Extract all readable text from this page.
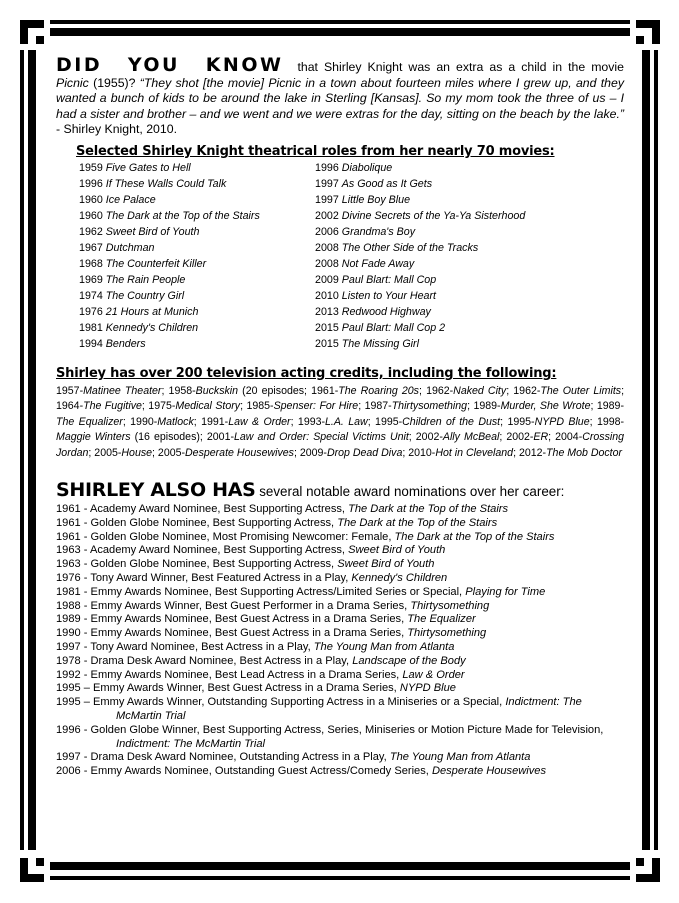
DID YOU KNOW that Shirley Knight was an extra as a child in the movie Picnic (1955)? “They shot [the movie] Picnic in a town about fourteen miles where I grew up, and they wanted a bunch of kids to be around the lake in Sterling [Kansas]. So my mom took the three of us – I had a sister and brother – and we went and we were extras for the day, sitting on the beach by the lake.” - Shirley Knight, 2010.

Selected Shirley Knight theatrical roles from her nearly 70 movies:
1959 Five Gates to Hell
1996 If These Walls Could Talk
1960 Ice Palace
1960 The Dark at the Top of the Stairs
1962 Sweet Bird of Youth
1967 Dutchman
1968 The Counterfeit Killer
1969 The Rain People
1974 The Country Girl
1976 21 Hours at Munich
1981 Kennedy's Children
1994 Benders
1996 Diabolique
1997 As Good as It Gets
1997 Little Boy Blue
2002 Divine Secrets of the Ya-Ya Sisterhood
2006 Grandma's Boy
2008 The Other Side of the Tracks
2008 Not Fade Away
2009 Paul Blart: Mall Cop
2010 Listen to Your Heart
2013 Redwood Highway
2015 Paul Blart: Mall Cop 2
2015 The Missing Girl
Shirley has over 200 television acting credits, including the following:
1957-Matinee Theater; 1958-Buckskin (20 episodes; 1961-The Roaring 20s; 1962-Naked City; 1962-The Outer Limits; 1964-The Fugitive; 1975-Medical Story; 1985-Spenser: For Hire; 1987-Thirtysomething; 1989-Murder, She Wrote; 1989-The Equalizer; 1990-Matlock; 1991-Law & Order; 1993-L.A. Law; 1995-Children of the Dust; 1995-NYPD Blue; 1998-Maggie Winters (16 episodes); 2001-Law and Order: Special Victims Unit; 2002-Ally McBeal; 2002-ER; 2004-Crossing Jordan; 2005-House; 2005-Desperate Housewives; 2009-Drop Dead Diva; 2010-Hot in Cleveland; 2012-The Mob Doctor
SHIRLEY ALSO HAS several notable award nominations over her career:
1961 - Academy Award Nominee, Best Supporting Actress, The Dark at the Top of the Stairs
1961 - Golden Globe Nominee, Best Supporting Actress, The Dark at the Top of the Stairs
1961 - Golden Globe Nominee, Most Promising Newcomer: Female, The Dark at the Top of the Stairs
1963 - Academy Award Nominee, Best Supporting Actress, Sweet Bird of Youth
1963 - Golden Globe Nominee, Best Supporting Actress, Sweet Bird of Youth
1976 - Tony Award Winner, Best Featured Actress in a Play, Kennedy's Children
1981 - Emmy Awards Nominee, Best Supporting Actress/Limited Series or Special, Playing for Time
1988 - Emmy Awards Winner, Best Guest Performer in a Drama Series, Thirtysomething
1989 - Emmy Awards Nominee, Best Guest Actress in a Drama Series, The Equalizer
1990 - Emmy Awards Nominee, Best Guest Actress in a Drama Series, Thirtysomething
1997 - Tony Award Nominee, Best Actress in a Play, The Young Man from Atlanta
1978 - Drama Desk Award Nominee, Best Actress in a Play, Landscape of the Body
1992 - Emmy Awards Nominee, Best Lead Actress in a Drama Series, Law & Order
1995 – Emmy Awards Winner, Best Guest Actress in a Drama Series, NYPD Blue
1995 – Emmy Awards Winner, Outstanding Supporting Actress in a Miniseries or a Special, Indictment: The McMartin Trial
1996 - Golden Globe Winner, Best Supporting Actress, Series, Miniseries or Motion Picture Made for Television, Indictment: The McMartin Trial
1997 - Drama Desk Award Nominee, Outstanding Actress in a Play, The Young Man from Atlanta
2006 - Emmy Awards Nominee, Outstanding Guest Actress/Comedy Series, Desperate Housewives
